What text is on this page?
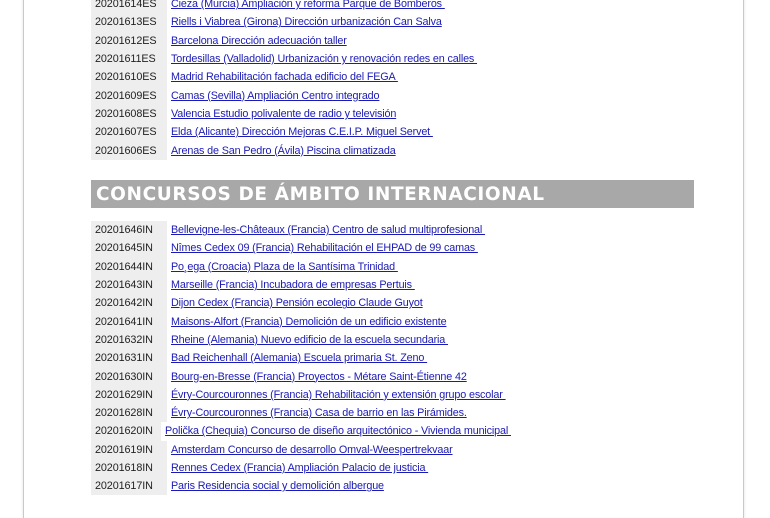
20201614ES	Cieza (Murcia) Ampliación y reforma Parque de Bomberos
20201613ES	Riells i Viabrea (Girona) Dirección urbanización Can Salva
20201612ES	Barcelona Dirección adecuación taller
20201611ES	Tordesillas (Valladolid) Urbanización y renovación redes en calles
20201610ES	Madrid Rehabilitación fachada edificio del FEGA
20201609ES	Camas (Sevilla) Ampliación Centro integrado
20201608ES	Valencia Estudio polivalente de radio y televisión
20201607ES	Elda (Alicante) Dirección Mejoras C.E.I.P. Miguel Servet
20201606ES	Arenas de San Pedro (Ávila) Piscina climatizada
CONCURSOS DE ÁMBITO INTERNACIONAL
20201646IN	Bellevigne-les-Châteaux (Francia) Centro de salud multiprofesional
20201645IN	Nîmes Cedex 09 (Francia) Rehabilitación el EHPAD de 99 camas
20201644IN	Po¸ega (Croacia) Plaza de la Santísima Trinidad
20201643IN	Marseille (Francia) Incubadora de empresas Pertuis
20201642IN	Dijon Cedex (Francia) Pensión ecolegio Claude Guyot
20201641IN	Maisons-Alfort (Francia) Demolición de un edificio existente
20201632IN	Rheine (Alemania) Nuevo edificio de la escuela secundaria
20201631IN	Bad Reichenhall (Alemania) Escuela primaria St. Zeno
20201630IN	Bourg-en-Bresse (Francia) Proyectos - Métare Saint-Étienne 42
20201629IN	Évry-Courcouronnes (Francia) Rehabilitación y extensión grupo escolar
20201628IN	Évry-Courcouronnes (Francia) Casa de barrio en las Pirámides.
20201620IN	Polička (Chequia) Concurso de diseño arquitectónico - Vivienda municipal
20201619IN	Amsterdam Concurso de desarrollo Omval-Weespertrekvaar
20201618IN	Rennes Cedex (Francia) Ampliación Palacio de justicia
20201617IN	Paris Residencia social y demolición albergue
